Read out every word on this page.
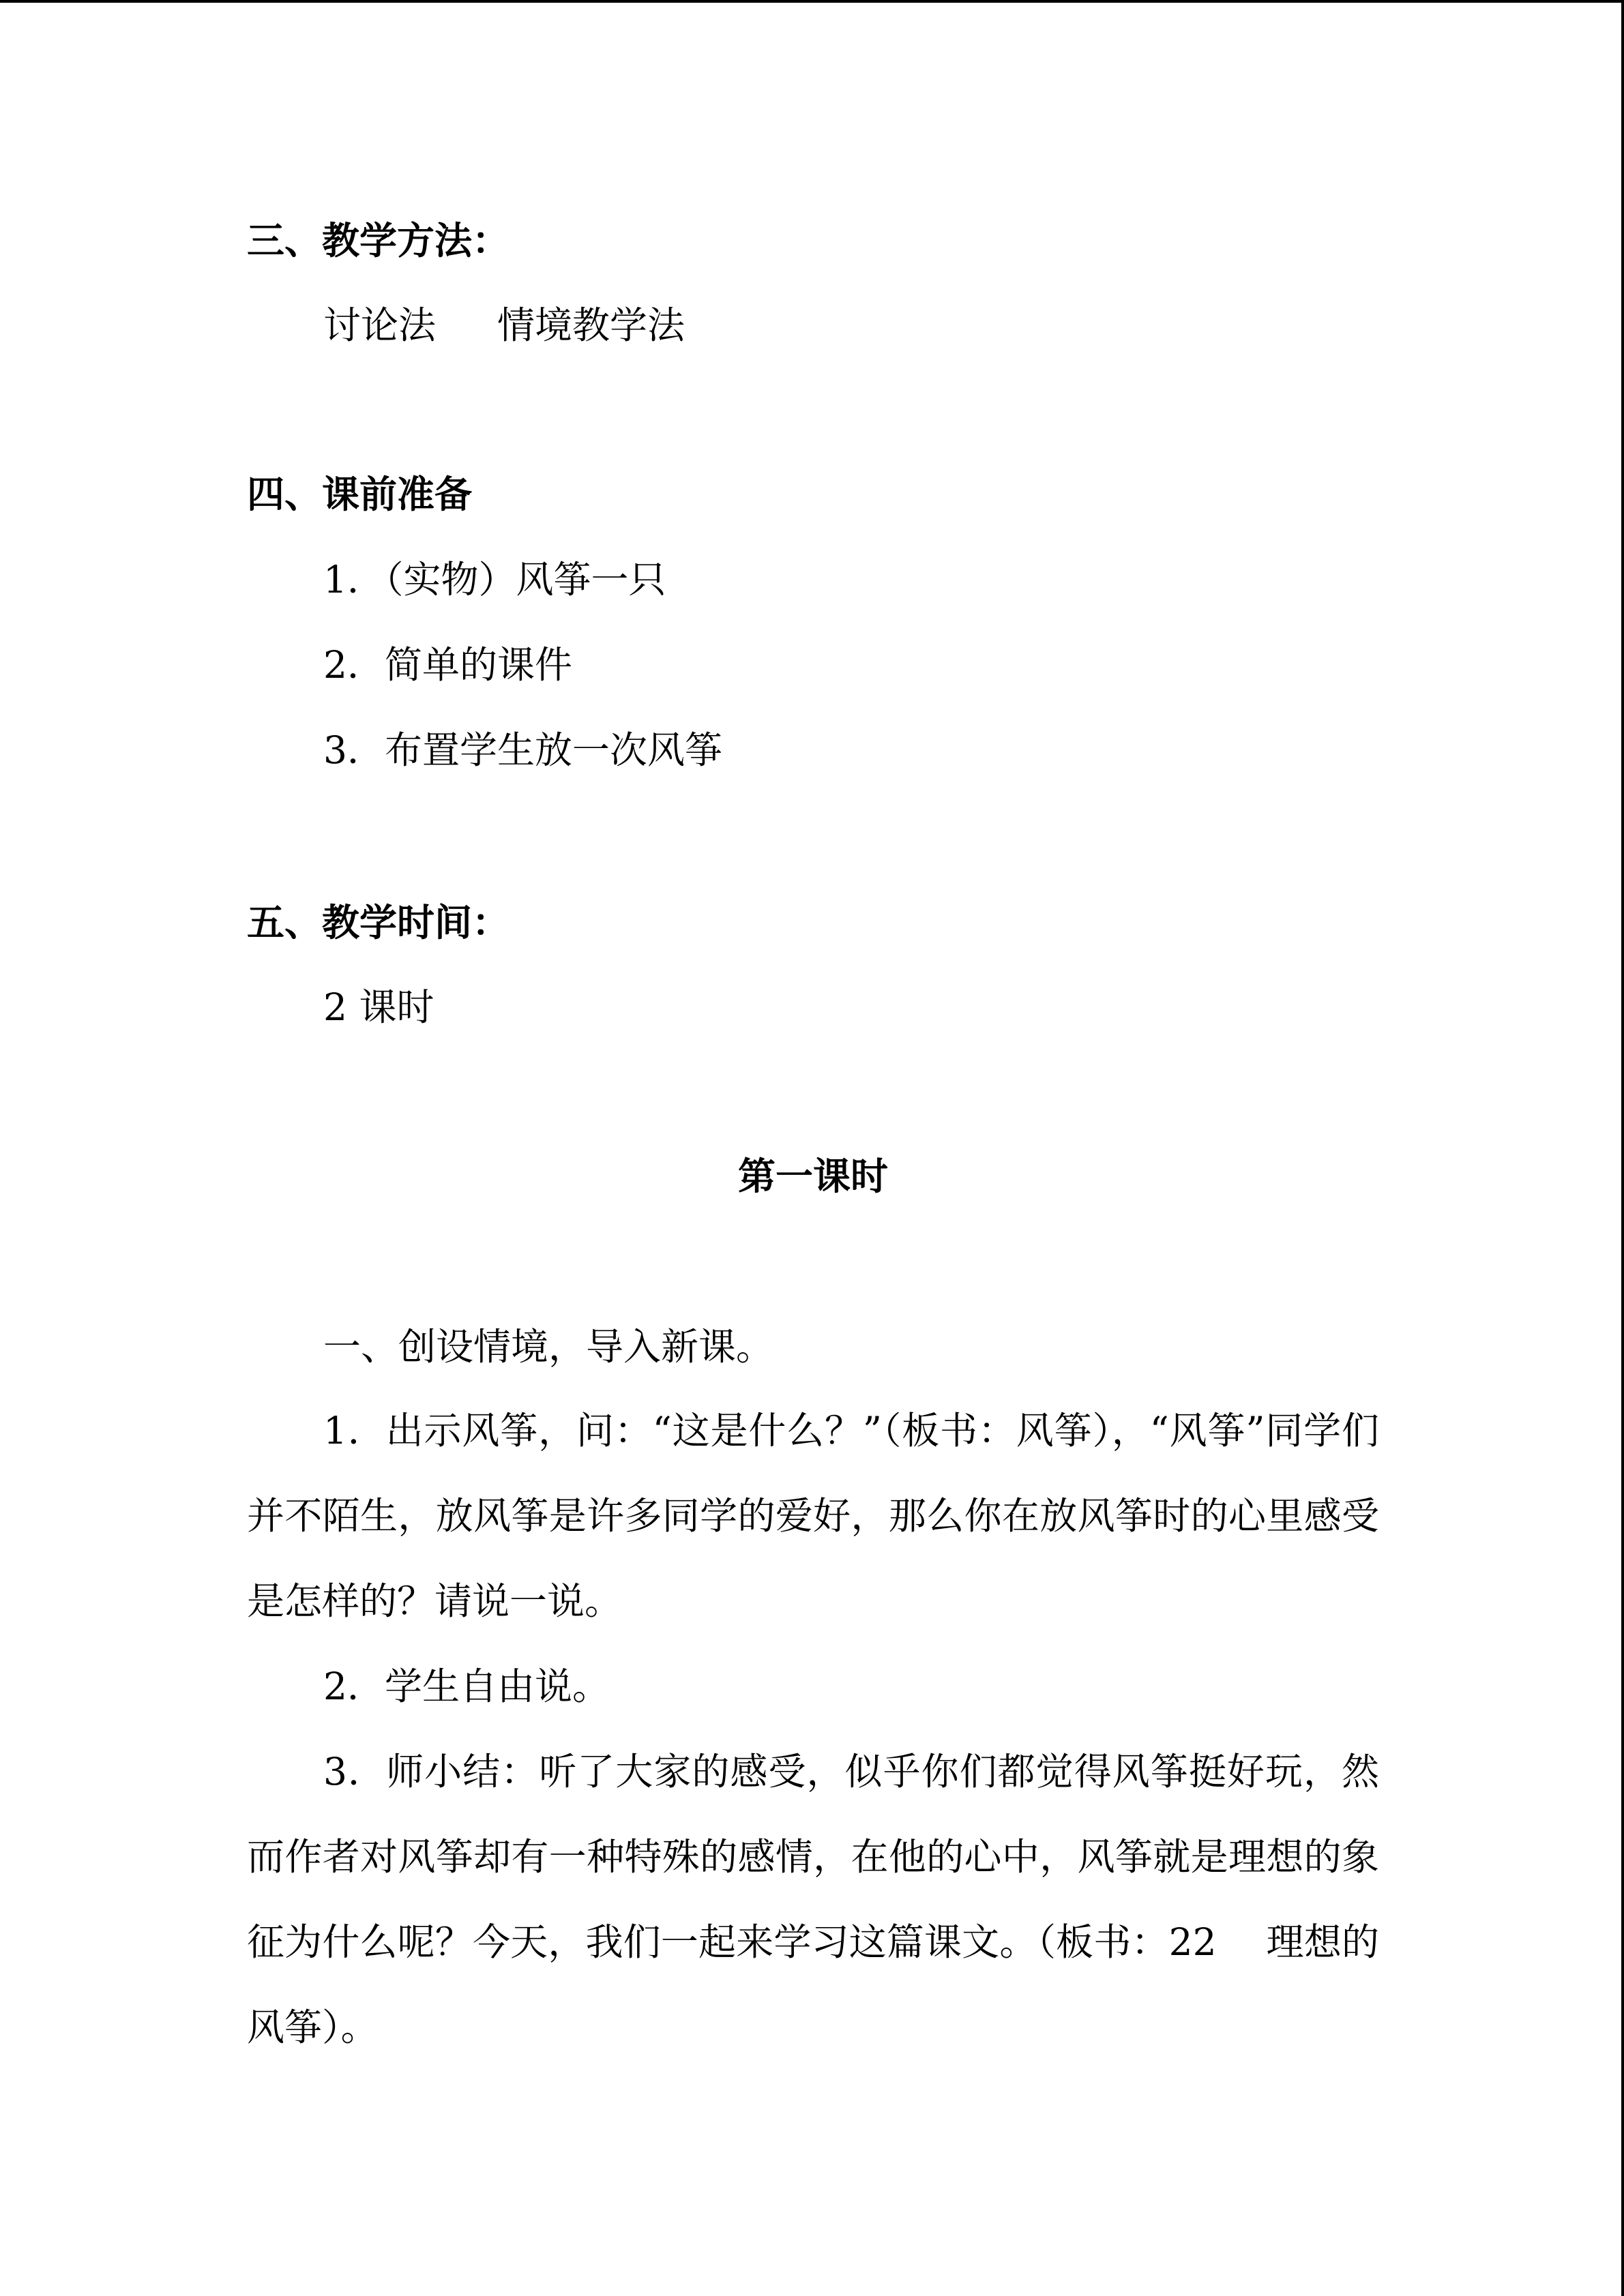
三、教学方法：
讨论法 情境教学法
四、课前准备
1．（实物）风筝一只
2．简单的课件
3．布置学生放一次风筝
五、教学时间：
2 课时
第一课时
一、创设情境，导入新课。
1．出示风筝，问：“这是什么？”（板书：风筝），“风筝”同学们并不陌生，放风筝是许多同学的爱好，那么你在放风筝时的心里感受是怎样的？请说一说。
2．学生自由说。
3．师小结：听了大家的感受，似乎你们都觉得风筝挺好玩，然而作者对风筝却有一种特殊的感情，在他的心中，风筝就是理想的象征为什么呢？今天，我们一起来学习这篇课文。（板书：22　 理想的风筝）。
